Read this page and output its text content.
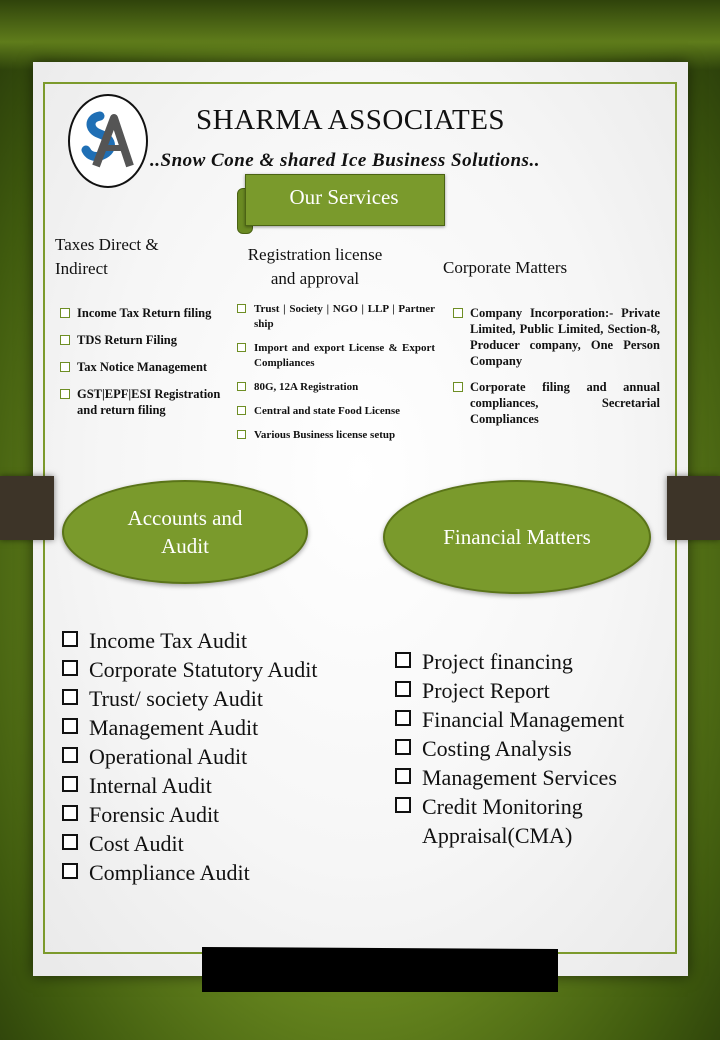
SHARMA ASSOCIATES
..Snow Cone & shared Ice Business Solutions..
Our Services
Taxes Direct & Indirect
Income Tax Return filing
TDS Return Filing
Tax Notice Management
GST|EPF|ESI Registration and return filing
Registration license and approval
Trust | Society | NGO | LLP | Partner ship
Import and export License & Export Compliances
80G, 12A Registration
Central and state Food License
Various Business license setup
Corporate Matters
Company Incorporation:- Private Limited, Public Limited, Section-8, Producer company, One Person Company
Corporate filing and annual compliances, Secretarial Compliances
Accounts and Audit	Financial Matters
Income Tax Audit
Corporate Statutory Audit
Trust/ society Audit
Management Audit
Operational Audit
Internal Audit
Forensic Audit
Cost Audit
Compliance Audit
Project financing
Project Report
Financial Management
Costing Analysis
Management Services
Credit Monitoring Appraisal(CMA)
